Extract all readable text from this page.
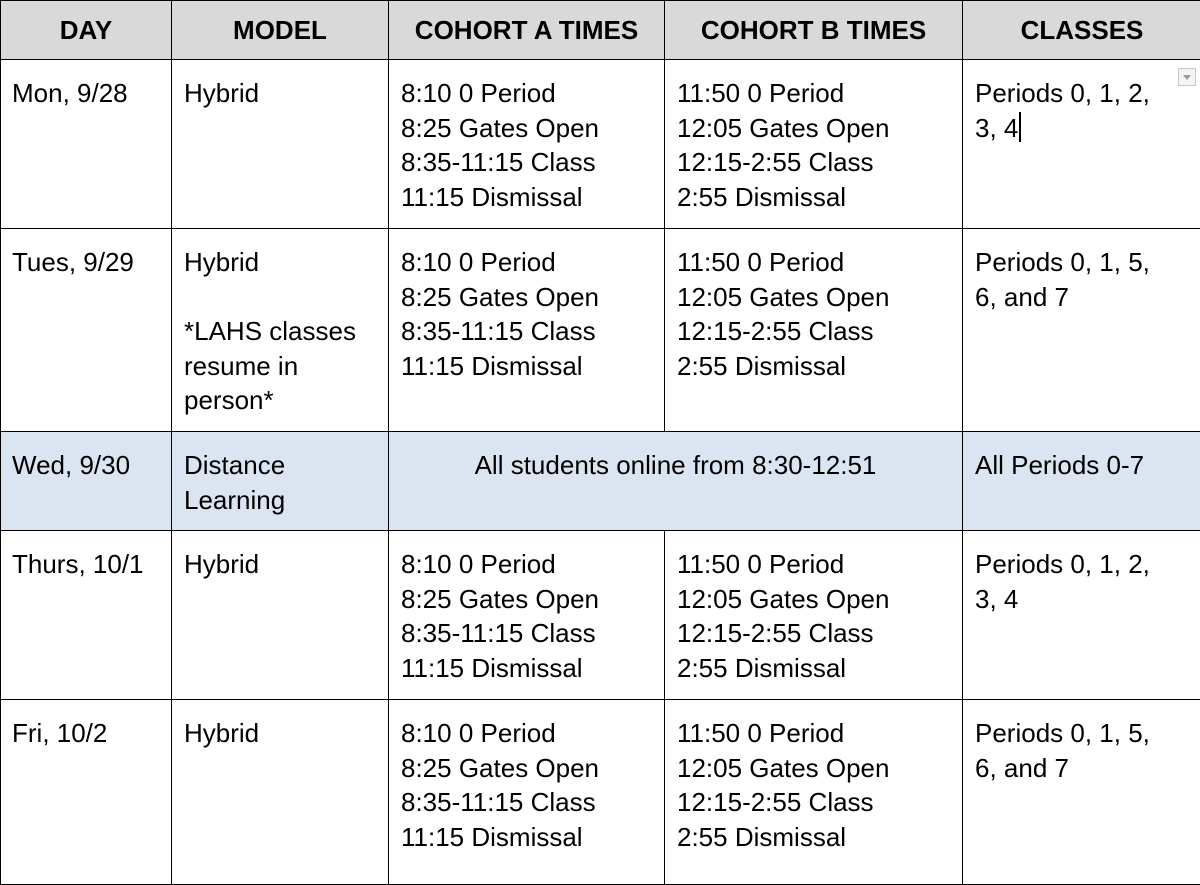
DAY	MODEL	COHORT A TIMES	COHORT B TIMES	CLASSES

Mon, 9/28	Hybrid	8:10 0 Period
8:25 Gates Open
8:35-11:15 Class
11:15 Dismissal	11:50 0 Period
12:05 Gates Open
12:15-2:55 Class
2:55 Dismissal	Periods 0, 1, 2,
3, 4

Tues, 9/29	Hybrid
*LAHS classes
resume in
person*	8:10 0 Period
8:25 Gates Open
8:35-11:15 Class
11:15 Dismissal	11:50 0 Period
12:05 Gates Open
12:15-2:55 Class
2:55 Dismissal	Periods 0, 1, 5,
6, and 7

Wed, 9/30	Distance
Learning	All students online from 8:30-12:51		All Periods 0-7

Thurs, 10/1	Hybrid	8:10 0 Period
8:25 Gates Open
8:35-11:15 Class
11:15 Dismissal	11:50 0 Period
12:05 Gates Open
12:15-2:55 Class
2:55 Dismissal	Periods 0, 1, 2,
3, 4

Fri, 10/2	Hybrid	8:10 0 Period
8:25 Gates Open
8:35-11:15 Class
11:15 Dismissal	11:50 0 Period
12:05 Gates Open
12:15-2:55 Class
2:55 Dismissal	Periods 0, 1, 5,
6, and 7
